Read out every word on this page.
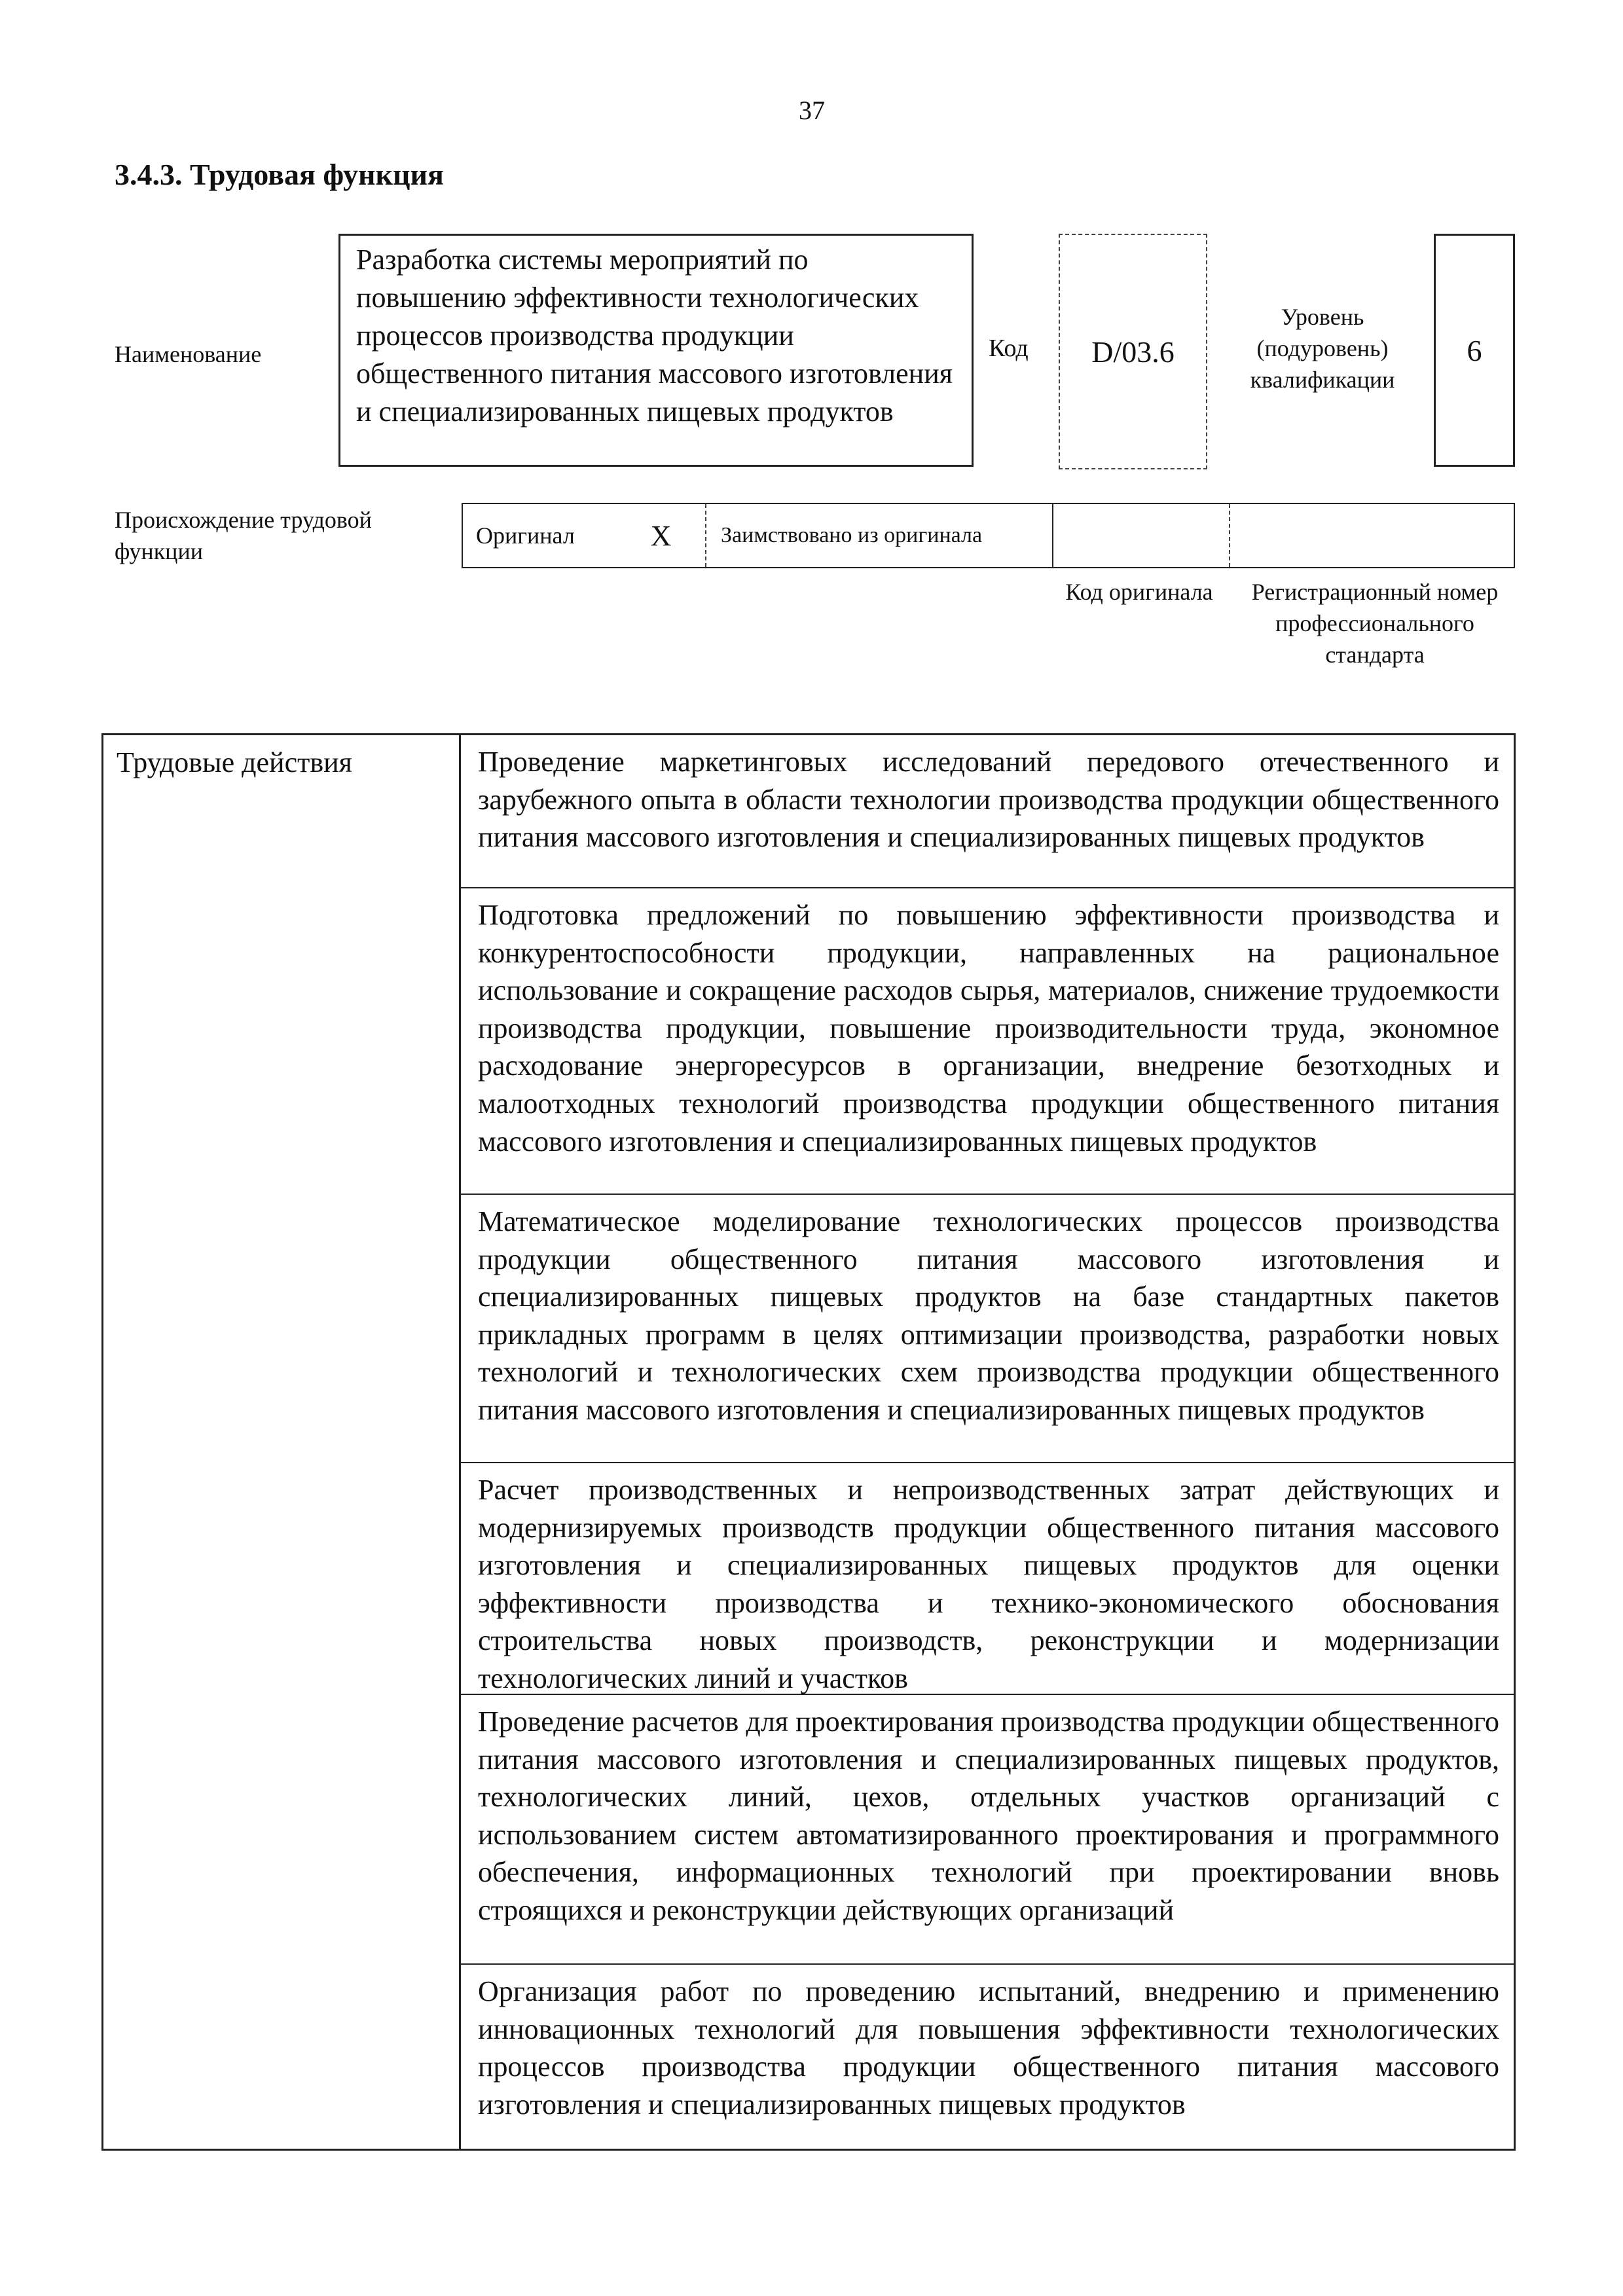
37
3.4.3. Трудовая функция
Наименование
Разработка системы мероприятий по повышению эффективности технологических процессов производства продукции общественного питания массового изготовления и специализированных пищевых продуктов
Код D/03.6
Уровень (подуровень) квалификации
6
Происхождение трудовой функции
Оригинал	X Заимствовано из оригинала
Код оригинала	Регистрационный номер профессионального стандарта
Трудовые действия	Проведение маркетинговых исследований передового отечественного и зарубежного опыта в области технологии производства продукции общественного питания массового изготовления и специализированных пищевых продуктов
Подготовка предложений по повышению эффективности производства и конкурентоспособности продукции, направленных на рациональное использование и сокращение расходов сырья, материалов, снижение трудоемкости производства продукции, повышение производительности труда, экономное расходование энергоресурсов в организации, внедрение безотходных и малоотходных технологий производства продукции общественного питания массового изготовления и специализированных пищевых продуктов
Математическое моделирование технологических процессов производства продукции общественного питания массового изготовления и специализированных пищевых продуктов на базе стандартных пакетов прикладных программ в целях оптимизации производства, разработки новых технологий и технологических схем производства продукции общественного питания массового изготовления и специализированных пищевых продуктов
Расчет производственных и непроизводственных затрат действующих и модернизируемых производств продукции общественного питания массового изготовления и специализированных пищевых продуктов для оценки эффективности производства и технико-экономического обоснования строительства новых производств, реконструкции и модернизации технологических линий и участков
Проведение расчетов для проектирования производства продукции общественного питания массового изготовления и специализированных пищевых продуктов, технологических линий, цехов, отдельных участков организаций с использованием систем автоматизированного проектирования и программного обеспечения, информационных технологий при проектировании вновь строящихся и реконструкции действующих организаций
Организация работ по проведению испытаний, внедрению и применению инновационных технологий для повышения эффективности технологических процессов производства продукции общественного питания массового изготовления и специализированных пищевых продуктов
